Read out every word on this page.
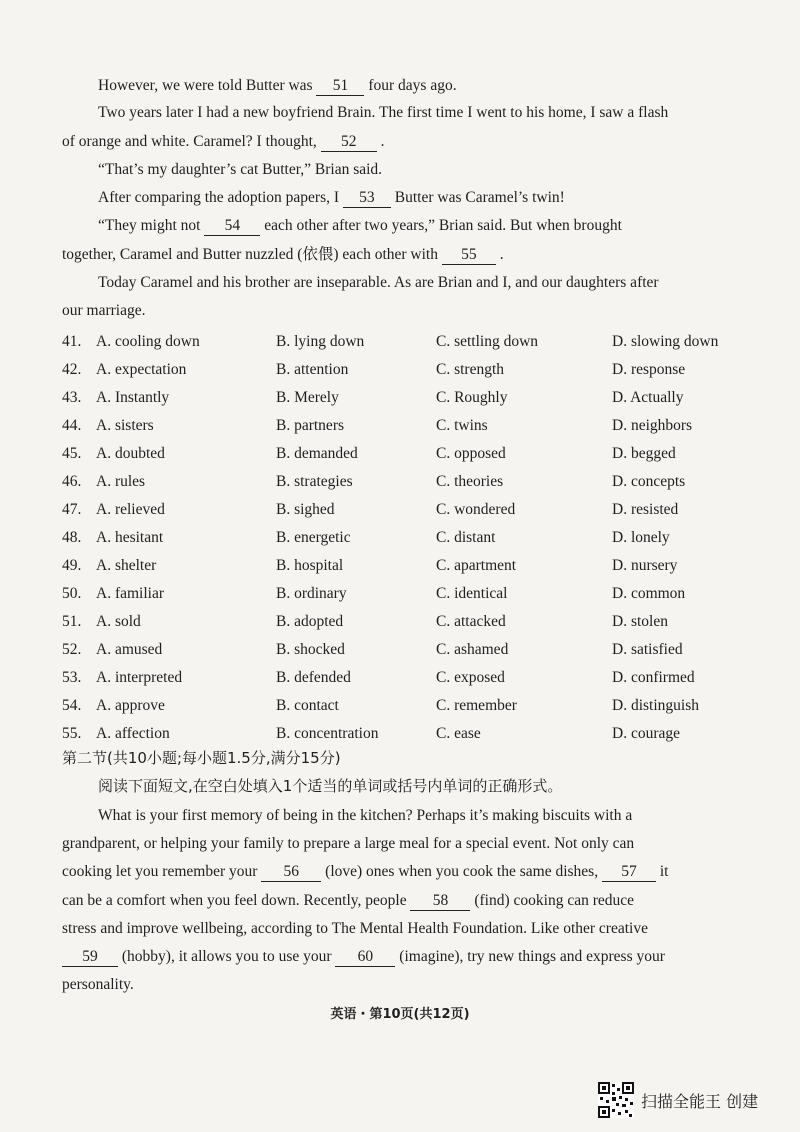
However, we were told Butter was 51 four days ago.
Two years later I had a new boyfriend Brain. The first time I went to his home, I saw a flash
of orange and white. Caramel? I thought, 52 .
“That’s my daughter’s cat Butter,” Brian said.
After comparing the adoption papers, I 53 Butter was Caramel’s twin!
“They might not 54 each other after two years,” Brian said. But when brought
together, Caramel and Butter nuzzled (依偎) each other with 55 .
Today Caramel and his brother are inseparable. As are Brian and I, and our daughters after
our marriage.
41. A. cooling down	B. lying down	C. settling down	D. slowing down
42. A. expectation	B. attention	C. strength	D. response
43. A. Instantly	B. Merely	C. Roughly	D. Actually
44. A. sisters	B. partners	C. twins	D. neighbors
45. A. doubted	B. demanded	C. opposed	D. begged
46. A. rules	B. strategies	C. theories	D. concepts
47. A. relieved	B. sighed	C. wondered	D. resisted
48. A. hesitant	B. energetic	C. distant	D. lonely
49. A. shelter	B. hospital	C. apartment	D. nursery
50. A. familiar	B. ordinary	C. identical	D. common
51. A. sold	B. adopted	C. attacked	D. stolen
52. A. amused	B. shocked	C. ashamed	D. satisfied
53. A. interpreted	B. defended	C. exposed	D. confirmed
54. A. approve	B. contact	C. remember	D. distinguish
55. A. affection	B. concentration	C. ease	D. courage
第二节(共10小题;每小题1.5分,满分15分)
阅读下面短文,在空白处填入1个适当的单词或括号内单词的正确形式。
What is your first memory of being in the kitchen? Perhaps it’s making biscuits with a
grandparent, or helping your family to prepare a large meal for a special event. Not only can
cooking let you remember your 56 (love) ones when you cook the same dishes, 57 it
can be a comfort when you feel down. Recently, people 58 (find) cooking can reduce
stress and improve wellbeing, according to The Mental Health Foundation. Like other creative
59 (hobby), it allows you to use your 60 (imagine), try new things and express your
personality.
英语・第10页(共12页)
扫描全能王 创建
